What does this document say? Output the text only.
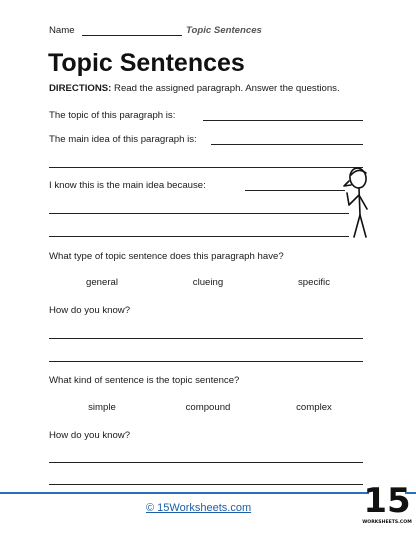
Name	Topic Sentences
Topic Sentences
DIRECTIONS: Read the assigned paragraph. Answer the questions.
The topic of this paragraph is:
The main idea of this paragraph is:
I know this is the main idea because:
What type of topic sentence does this paragraph have?
general	clueing	specific
How do you know?
What kind of sentence is the topic sentence?
simple	compound	complex
How do you know?
© 15Worksheets.com	15
WORKSHEETS.COM
